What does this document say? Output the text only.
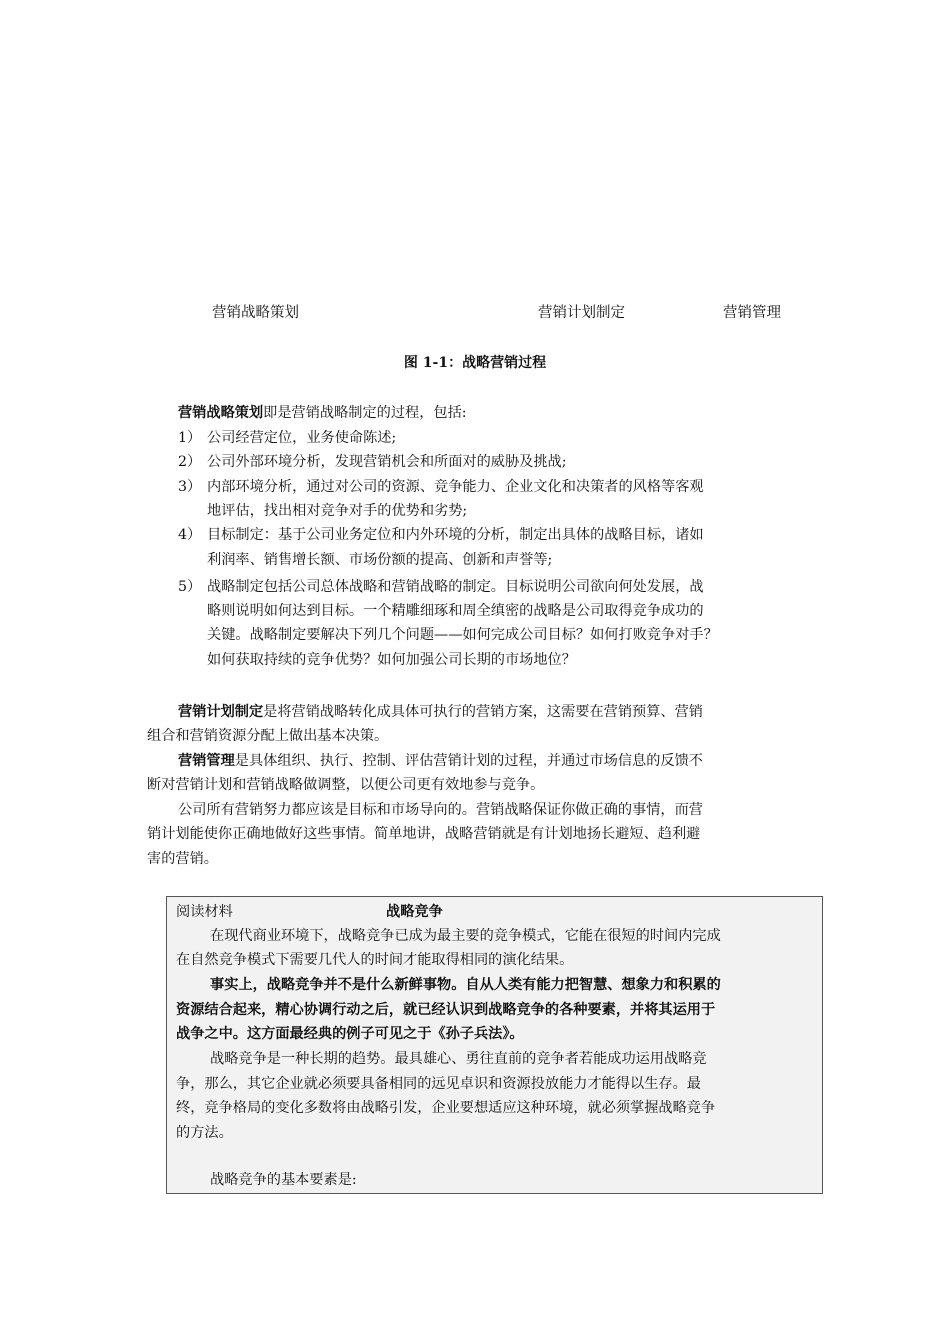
营销战略策划	营销计划制定	营销管理
图 1-1：战略营销过程
营销战略策划即是营销战略制定的过程，包括:
1） 公司经营定位，业务使命陈述;
2） 公司外部环境分析，发现营销机会和所面对的威胁及挑战;
3） 内部环境分析，通过对公司的资源、竞争能力、企业文化和决策者的风格等客观
地评估，找出相对竞争对手的优势和劣势;
4） 目标制定：基于公司业务定位和内外环境的分析，制定出具体的战略目标，诸如
利润率、销售增长额、市场份额的提高、创新和声誉等;
5） 战略制定包括公司总体战略和营销战略的制定。目标说明公司欲向何处发展，战
略则说明如何达到目标。一个精雕细琢和周全缜密的战略是公司取得竞争成功的
关键。战略制定要解决下列几个问题——如何完成公司目标？如何打败竞争对手？
如何获取持续的竞争优势？如何加强公司长期的市场地位？
营销计划制定是将营销战略转化成具体可执行的营销方案，这需要在营销预算、营销
组合和营销资源分配上做出基本决策。
营销管理是具体组织、执行、控制、评估营销计划的过程，并通过市场信息的反馈不
断对营销计划和营销战略做调整，以便公司更有效地参与竞争。
公司所有营销努力都应该是目标和市场导向的。营销战略保证你做正确的事情，而营
销计划能使你正确地做好这些事情。简单地讲，战略营销就是有计划地扬长避短、趋利避
害的营销。
阅读材料	战略竞争
在现代商业环境下，战略竞争已成为最主要的竞争模式，它能在很短的时间内完成
在自然竞争模式下需要几代人的时间才能取得相同的演化结果。
事实上，战略竞争并不是什么新鲜事物。自从人类有能力把智慧、想象力和积累的
资源结合起来，精心协调行动之后，就已经认识到战略竞争的各种要素，并将其运用于
战争之中。这方面最经典的例子可见之于《孙子兵法》。
战略竞争是一种长期的趋势。最具雄心、勇往直前的竞争者若能成功运用战略竞
争，那么，其它企业就必须要具备相同的远见卓识和资源投放能力才能得以生存。最
终，竞争格局的变化多数将由战略引发，企业要想适应这种环境，就必须掌握战略竞争
的方法。
战略竞争的基本要素是:
